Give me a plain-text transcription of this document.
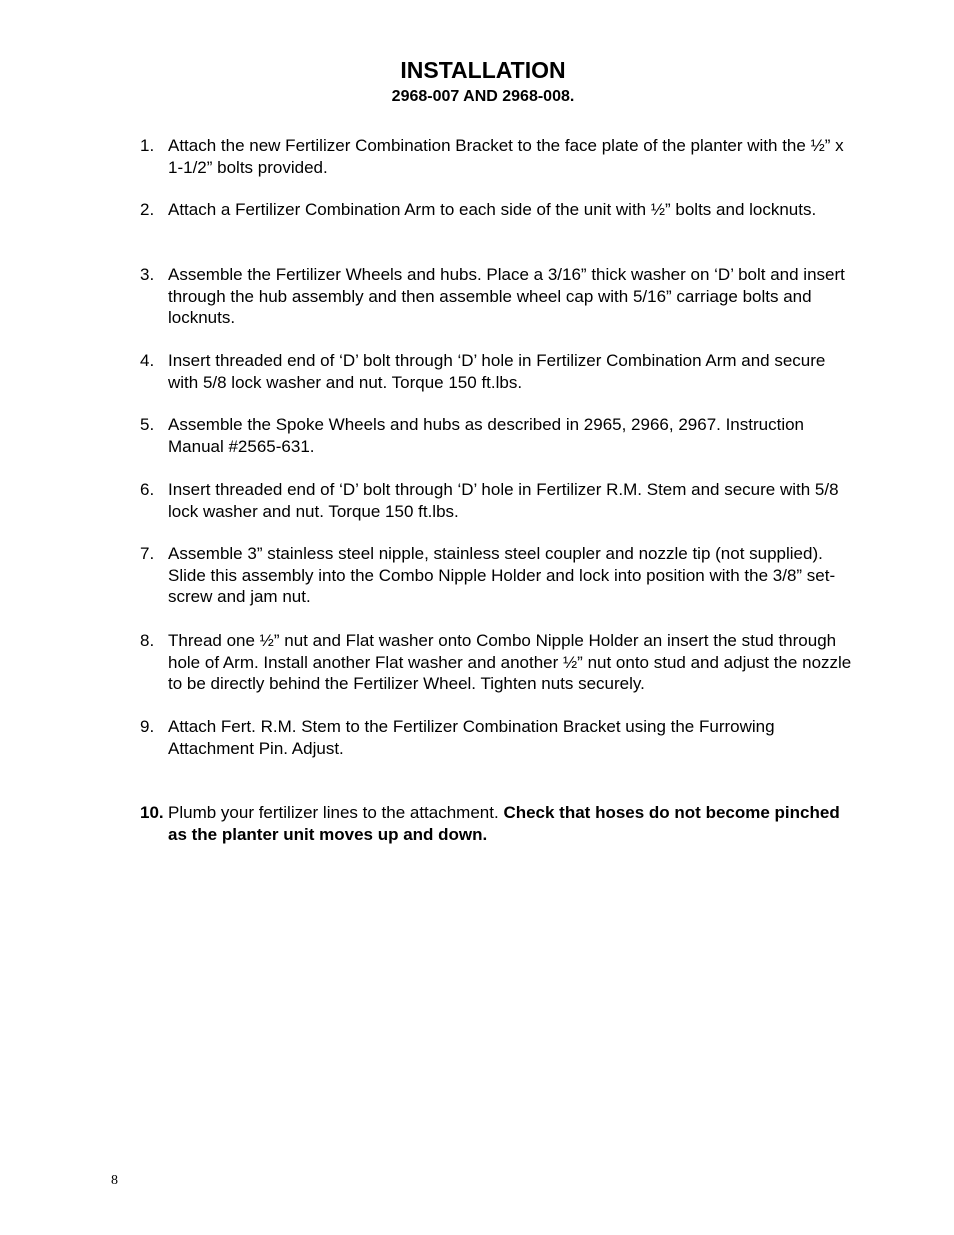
INSTALLATION
2968-007 AND 2968-008.
1. Attach the new Fertilizer Combination Bracket to the face plate of the planter with the ½” x 1-1/2” bolts provided.
2. Attach a Fertilizer Combination Arm to each side of the unit with ½” bolts and locknuts.
3. Assemble the Fertilizer Wheels and hubs. Place a 3/16” thick washer on ‘D’ bolt and insert through the hub assembly and then assemble wheel cap with 5/16” carriage bolts and locknuts.
4. Insert threaded end of ‘D’ bolt through ‘D’ hole in Fertilizer Combination Arm and secure with 5/8 lock washer and nut. Torque 150 ft.lbs.
5. Assemble the Spoke Wheels and hubs as described in 2965, 2966, 2967. Instruction Manual #2565-631.
6. Insert threaded end of ‘D’ bolt through ‘D’ hole in Fertilizer R.M. Stem and secure with 5/8 lock washer and nut. Torque 150 ft.lbs.
7. Assemble 3” stainless steel nipple, stainless steel coupler and nozzle tip (not supplied). Slide this assembly into the Combo Nipple Holder and lock into position with the 3/8” set-screw and jam nut.
8. Thread one ½” nut and Flat washer onto Combo Nipple Holder an insert the stud through hole of Arm. Install another Flat washer and another ½” nut onto stud and adjust the nozzle to be directly behind the Fertilizer Wheel. Tighten nuts securely.
9. Attach Fert. R.M. Stem to the Fertilizer Combination Bracket using the Furrowing Attachment Pin. Adjust.
10. Plumb your fertilizer lines to the attachment. Check that hoses do not become pinched as the planter unit moves up and down.
8
